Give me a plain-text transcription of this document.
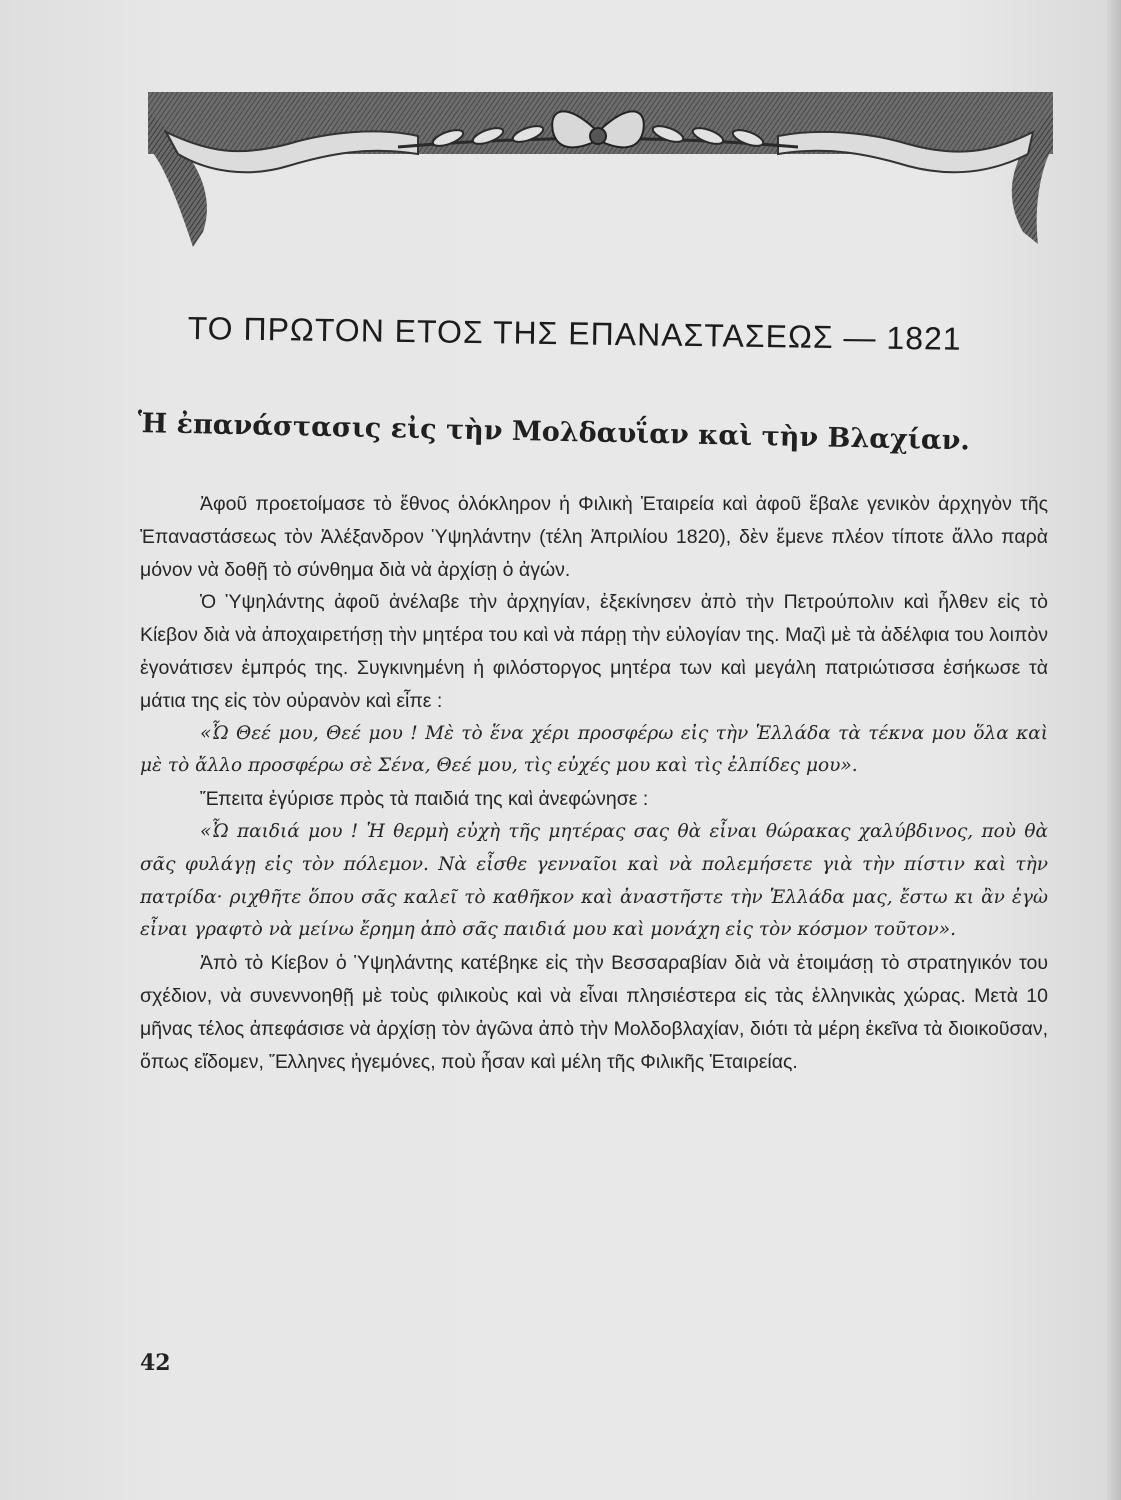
ΤΟ ΠΡΩΤΟΝ ΕΤΟΣ ΤΗΣ ΕΠΑΝΑΣΤΑΣΕΩΣ — 1821
Ἡ ἐπανάστασις εἰς τὴν Μολδαυΐαν καὶ τὴν Βλαχίαν.

Ἀφοῦ προετοίμασε τὸ ἔθνος ὁλόκληρον ἡ Φιλικὴ Ἑταιρεία καὶ ἀφοῦ ἔβαλε γενικὸν ἀρχηγὸν τῆς Ἐπαναστάσεως τὸν Ἀλέξανδρον Ὑψηλάντην (τέλη Ἀπριλίου 1820), δὲν ἔμενε πλέον τίποτε ἄλλο παρὰ μόνον νὰ δοθῇ τὸ σύνθημα διὰ νὰ ἀρχίσῃ ὁ ἀγών.

Ὁ Ὑψηλάντης ἀφοῦ ἀνέλαβε τὴν ἀρχηγίαν, ἐξεκίνησεν ἀπὸ τὴν Πετρούπολιν καὶ ἦλθεν εἰς τὸ Κίεβον διὰ νὰ ἀποχαιρετήσῃ τὴν μητέρα του καὶ νὰ πάρῃ τὴν εὐλογίαν της. Μαζὶ μὲ τὰ ἀδέλφια του λοιπὸν ἐγονάτισεν ἐμπρός της. Συγκινημένη ἡ φιλόστοργος μητέρα των καὶ μεγάλη πατριώτισσα ἐσήκωσε τὰ μάτια της εἰς τὸν οὐρανὸν καὶ εἶπε :

«Ὦ Θεέ μου, Θεέ μου ! Μὲ τὸ ἕνα χέρι προσφέρω εἰς τὴν Ἑλλάδα τὰ τέκνα μου ὅλα καὶ μὲ τὸ ἄλλο προσφέρω σὲ Σένα, Θεέ μου, τὶς εὐχές μου καὶ τὶς ἐλπίδες μου».

Ἔπειτα ἐγύρισε πρὸς τὰ παιδιά της καὶ ἀνεφώνησε :

«Ὦ παιδιά μου ! Ἡ θερμὴ εὐχὴ τῆς μητέρας σας θὰ εἶναι θώρακας χαλύβδινος, ποὺ θὰ σᾶς φυλάγῃ εἰς τὸν πόλεμον. Νὰ εἶσθε γενναῖοι καὶ νὰ πολεμήσετε γιὰ τὴν πίστιν καὶ τὴν πατρίδα· ριχθῆτε ὅπου σᾶς καλεῖ τὸ καθῆκον καὶ ἀναστῆστε τὴν Ἑλλάδα μας, ἔστω κι ἂν ἐγὼ εἶναι γραφτὸ νὰ μείνω ἔρημη ἀπὸ σᾶς παιδιά μου καὶ μονάχη εἰς τὸν κόσμον τοῦτον».

Ἀπὸ τὸ Κίεβον ὁ Ὑψηλάντης κατέβηκε εἰς τὴν Βεσσαραβίαν διὰ νὰ ἑτοιμάσῃ τὸ στρατηγικόν του σχέδιον, νὰ συνεννοηθῇ μὲ τοὺς φιλικοὺς καὶ νὰ εἶναι πλησιέστερα εἰς τὰς ἑλληνικὰς χώρας. Μετὰ 10 μῆνας τέλος ἀπεφάσισε νὰ ἀρχίσῃ τὸν ἀγῶνα ἀπὸ τὴν Μολδοβλαχίαν, διότι τὰ μέρη ἐκεῖνα τὰ διοικοῦσαν, ὅπως εἴδομεν, Ἕλληνες ἡγεμόνες, ποὺ ἦσαν καὶ μέλη τῆς Φιλικῆς Ἑταιρείας.

42
